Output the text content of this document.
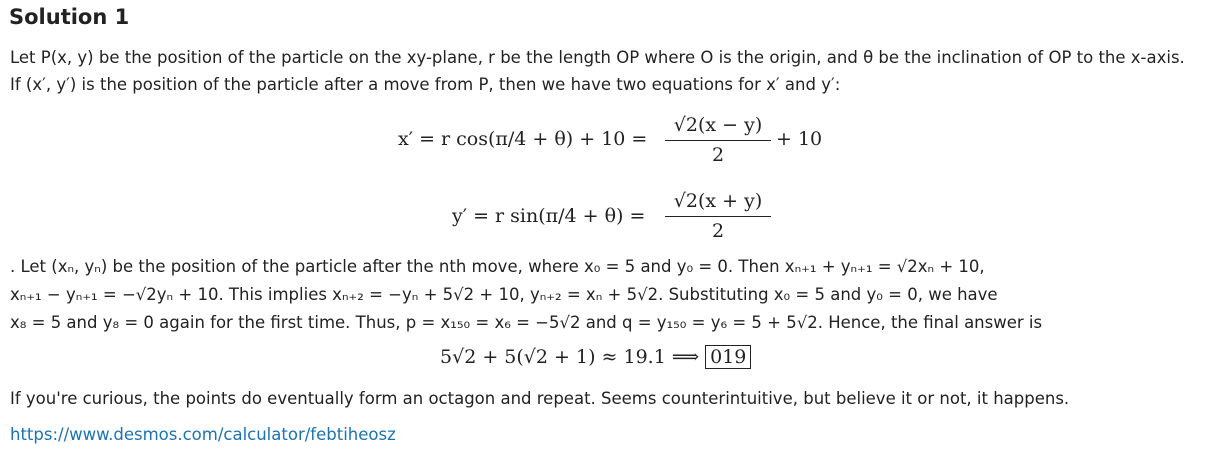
Solution 1
Let P(x, y) be the position of the particle on the xy-plane, r be the length OP where O is the origin, and θ be the inclination of OP to the x-axis.
If (x′, y′) is the position of the particle after a move from P, then we have two equations for x′ and y′:
x′ = r cos(π/4 + θ) + 10 =
√2(x − y)
2
+ 10
y′ = r sin(π/4 + θ) =
√2(x + y)
2
. Let (xₙ, yₙ) be the position of the particle after the nth move, where x₀ = 5 and y₀ = 0. Then xₙ₊₁ + yₙ₊₁ = √2xₙ + 10,
xₙ₊₁ − yₙ₊₁ = −√2yₙ + 10. This implies xₙ₊₂ = −yₙ + 5√2 + 10, yₙ₊₂ = xₙ + 5√2. Substituting x₀ = 5 and y₀ = 0, we have
x₈ = 5 and y₈ = 0 again for the first time. Thus, p = x₁₅₀ = x₆ = −5√2 and q = y₁₅₀ = y₆ = 5 + 5√2. Hence, the final answer is
5√2 + 5(√2 + 1) ≈ 19.1 ⟹ 019
If you're curious, the points do eventually form an octagon and repeat. Seems counterintuitive, but believe it or not, it happens.
https://www.desmos.com/calculator/febtiheosz
